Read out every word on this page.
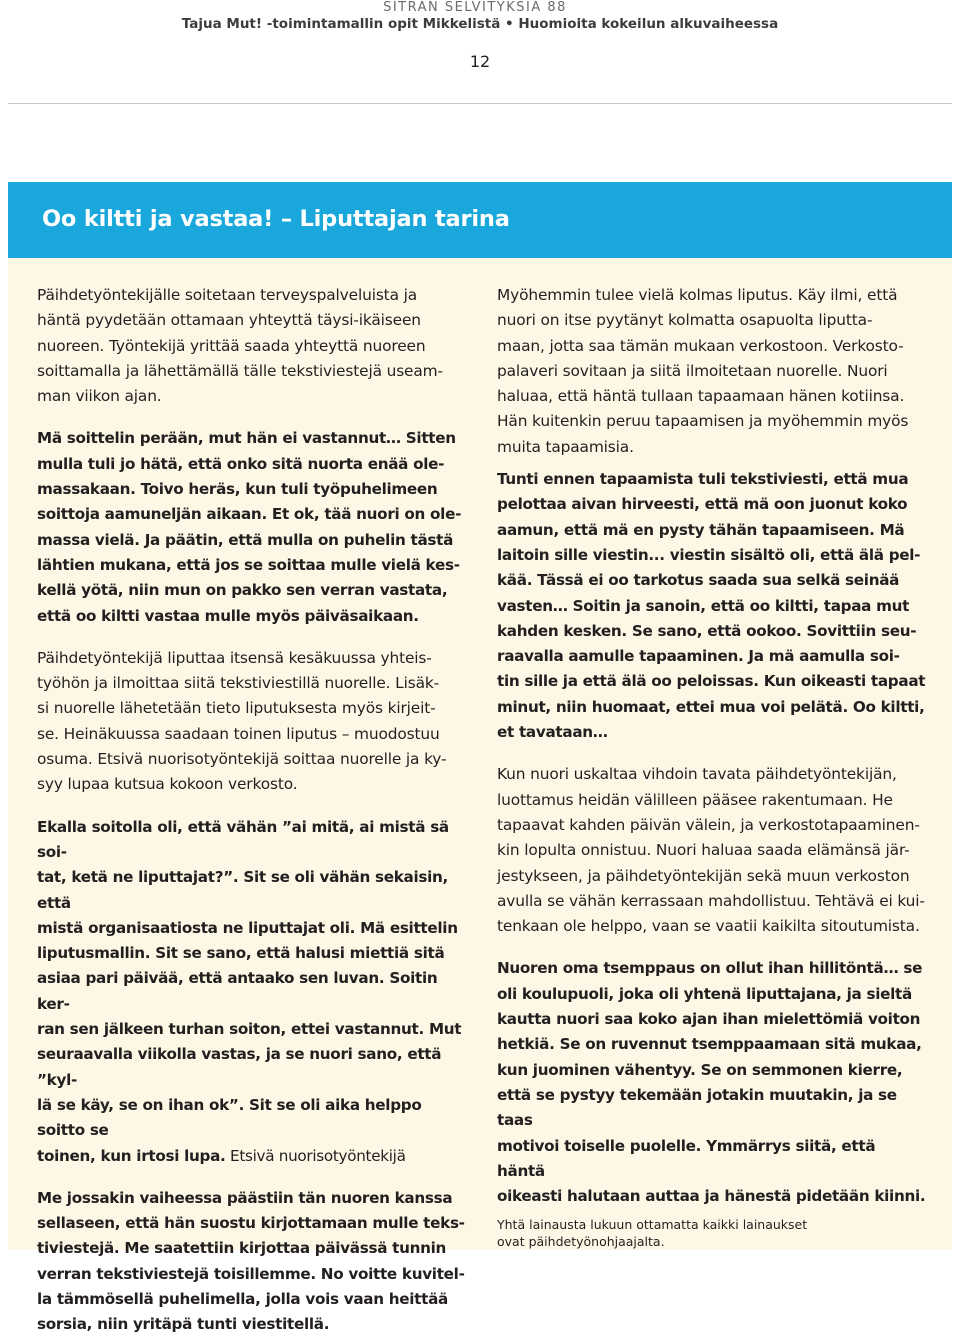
SITRAN SELVITYKSIÄ 88
Tajua Mut! -toimintamallin opit Mikkelistä • Huomioita kokeilun alkuvaiheessa
12
Oo kiltti ja vastaa! – Liputtajan tarina

Päihdetyöntekijälle soitetaan terveyspalveluista ja
häntä pyydetään ottamaan yhteyttä täysi-ikäiseen
nuoreen. Työntekijä yrittää saada yhteyttä nuoreen
soittamalla ja lähettämällä tälle tekstiviestejä useam-
man viikon ajan.

Mä soittelin perään, mut hän ei vastannut… Sitten
mulla tuli jo hätä, että onko sitä nuorta enää ole-
massakaan. Toivo heräs, kun tuli työpuhelimeen
soittoja aamuneljän aikaan. Et ok, tää nuori on ole-
massa vielä. Ja päätin, että mulla on puhelin tästä
lähtien mukana, että jos se soittaa mulle vielä kes-
kellä yötä, niin mun on pakko sen verran vastata,
että oo kiltti vastaa mulle myös päiväsaikaan.

Päihdetyöntekijä liputtaa itsensä kesäkuussa yhteis-
työhön ja ilmoittaa siitä tekstiviestillä nuorelle. Lisäk-
si nuorelle lähetetään tieto liputuksesta myös kirjeit-
se. Heinäkuussa saadaan toinen liputus – muodostuu
osuma. Etsivä nuorisotyöntekijä soittaa nuorelle ja ky-
syy lupaa kutsua kokoon verkosto.

Ekalla soitolla oli, että vähän ”ai mitä, ai mistä sä soi-
tat, ketä ne liputtajat?”. Sit se oli vähän sekaisin, että
mistä organisaatiosta ne liputtajat oli. Mä esittelin
liputusmallin. Sit se sano, että halusi miettiä sitä
asiaa pari päivää, että antaako sen luvan. Soitin ker-
ran sen jälkeen turhan soiton, ettei vastannut. Mut
seuraavalla viikolla vastas, ja se nuori sano, että ”kyl-
lä se käy, se on ihan ok”. Sit se oli aika helppo soitto se
toinen, kun irtosi lupa. Etsivä nuorisotyöntekijä

Me jossakin vaiheessa päästiin tän nuoren kanssa
sellaseen, että hän suostu kirjottamaan mulle teks-
tiviestejä. Me saatettiin kirjottaa päivässä tunnin
verran tekstiviestejä toisillemme. No voitte kuvitel-
la tämmösellä puhelimella, jolla vois vaan heittää
sorsia, niin yritäpä tunti viestitellä.

Myöhemmin tulee vielä kolmas liputus. Käy ilmi, että
nuori on itse pyytänyt kolmatta osapuolta liputta-
maan, jotta saa tämän mukaan verkostoon. Verkosto-
palaveri sovitaan ja siitä ilmoitetaan nuorelle. Nuori
haluaa, että häntä tullaan tapaamaan hänen kotiinsa.
Hän kuitenkin peruu tapaamisen ja myöhemmin myös
muita tapaamisia.

Tunti ennen tapaamista tuli tekstiviesti, että mua
pelottaa aivan hirveesti, että mä oon juonut koko
aamun, että mä en pysty tähän tapaamiseen. Mä
laitoin sille viestin... viestin sisältö oli, että älä pel-
kää. Tässä ei oo tarkotus saada sua selkä seinää
vasten… Soitin ja sanoin, että oo kiltti, tapaa mut
kahden kesken. Se sano, että ookoo. Sovittiin seu-
raavalla aamulle tapaaminen. Ja mä aamulla soi-
tin sille ja että älä oo peloissas. Kun oikeasti tapaat
minut, niin huomaat, ettei mua voi pelätä. Oo kiltti,
et tavataan…

Kun nuori uskaltaa vihdoin tavata päihdetyöntekijän,
luottamus heidän välilleen pääsee rakentumaan. He
tapaavat kahden päivän välein, ja verkostotapaaminen-
kin lopulta onnistuu. Nuori haluaa saada elämänsä jär-
jestykseen, ja päihdetyöntekijän sekä muun verkoston
avulla se vähän kerrassaan mahdollistuu. Tehtävä ei kui-
tenkaan ole helppo, vaan se vaatii kaikilta sitoutumista.

Nuoren oma tsemppaus on ollut ihan hillitöntä… se
oli koulupuoli, joka oli yhtenä liputtajana, ja sieltä
kautta nuori saa koko ajan ihan mielettömiä voiton
hetkiä. Se on ruvennut tsemppaamaan sitä mukaa,
kun juominen vähentyy. Se on semmonen kierre,
että se pystyy tekemään jotakin muutakin, ja se taas
motivoi toiselle puolelle. Ymmärrys siitä, että häntä
oikeasti halutaan auttaa ja hänestä pidetään kiinni.

Yhtä lainausta lukuun ottamatta kaikki lainaukset
ovat päihdetyönohjaajalta.
